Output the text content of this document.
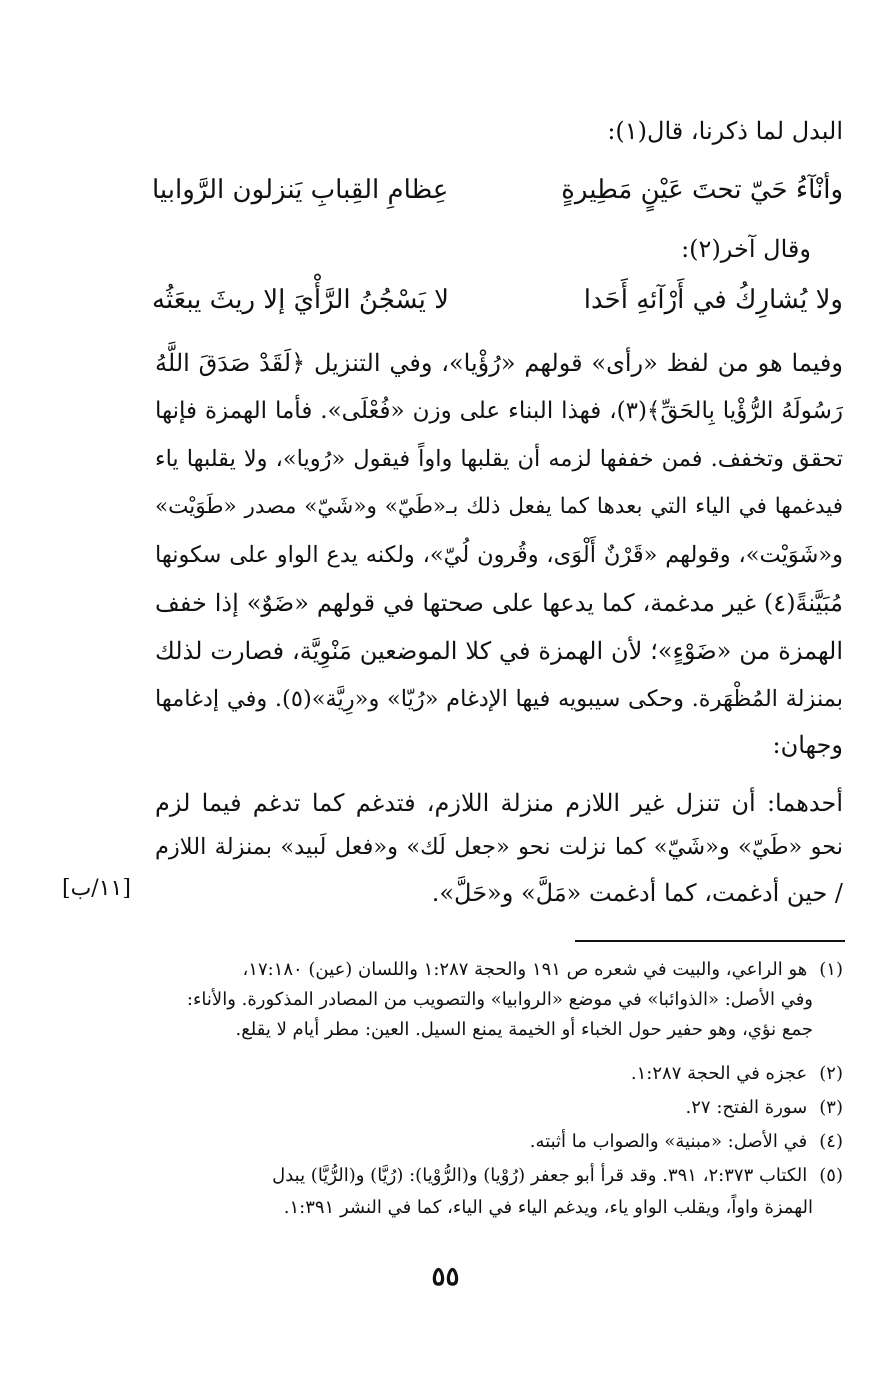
البدل لما ذكرنا، قال(١):
وأنْآءُ حَيّ تحتَ عَيْنٍ مَطِيرةٍ
عِظامِ القِبابِ يَنزلون الرَّوابيا
وقال آخر(٢):
لا يَسْجُنُ الرَّأْيَ إلا ريثَ يبعَثُه	ولا يُشارِكُ في أَرْآئهِ أَحَدا
وفيما هو من لفظ «رأى» قولهم «رُؤْيا»، وفي التنزيل ﴿لَقَدْ صَدَقَ اللَّهُ
رَسُولَهُ الرُّؤْيا بِالحَقِّ﴾(٣)، فهذا البناء على وزن «فُعْلَى». فأما الهمزة فإنها
تحقق وتخفف. فمن خففها لزمه أن يقلبها واواً فيقول «رُويا»، ولا يقلبها ياء
فيدغمها في الياء التي بعدها كما يفعل ذلك بـ«طَيّ» و«شَيّ» مصدر «طَوَيْت»
و«شَوَيْت»، وقولهم «قَرْنٌ أَلْوَى، وقُرون لُيّ»، ولكنه يدع الواو على سكونها
مُبَيَّنةً(٤) غير مدغمة، كما يدعها على صحتها في قولهم «ضَوٌ» إذا خفف
الهمزة من «ضَوْءٍ»؛ لأن الهمزة في كلا الموضعين مَنْوِيَّة، فصارت لذلك
بمنزلة المُظْهَرة. وحكى سيبويه فيها الإدغام «رُيّا» و«رِيَّة»(٥). وفي إدغامها
وجهان:
أحدهما: أن تنزل غير اللازم منزلة اللازم، فتدغم كما تدغم فيما لزم
نحو «طَيّ» و«شَيّ» كما نزلت نحو «جعل لَك» و«فعل لَبيد» بمنزلة اللازم
/ حين أدغمت، كما أدغمت «مَلَّ» و«حَلَّ».
[١١/ب]
(١) هو الراعي، والبيت في شعره ص ١٩١ والحجة ١:٢٨٧ واللسان (عين) ١٧:١٨٠،
وفي الأصل: «الذوائبا» في موضع «الروابيا» والتصويب من المصادر المذكورة. والأناء:
جمع نؤي، وهو حفير حول الخباء أو الخيمة يمنع السيل. العين: مطر أيام لا يقلع.
(٢) عجزه في الحجة ١:٢٨٧.
(٣) سورة الفتح: ٢٧.
(٤) في الأصل: «مبنية» والصواب ما أثبته.
(٥) الكتاب ٢:٣٧٣، ٣٩١. وقد قرأ أبو جعفر (رُوْيا) و(الرُّوْيا): (رُيَّا) و(الرُّيَّا) يبدل
الهمزة واواً، ويقلب الواو ياء، ويدغم الياء في الياء، كما في النشر ١:٣٩١.
٥٥
